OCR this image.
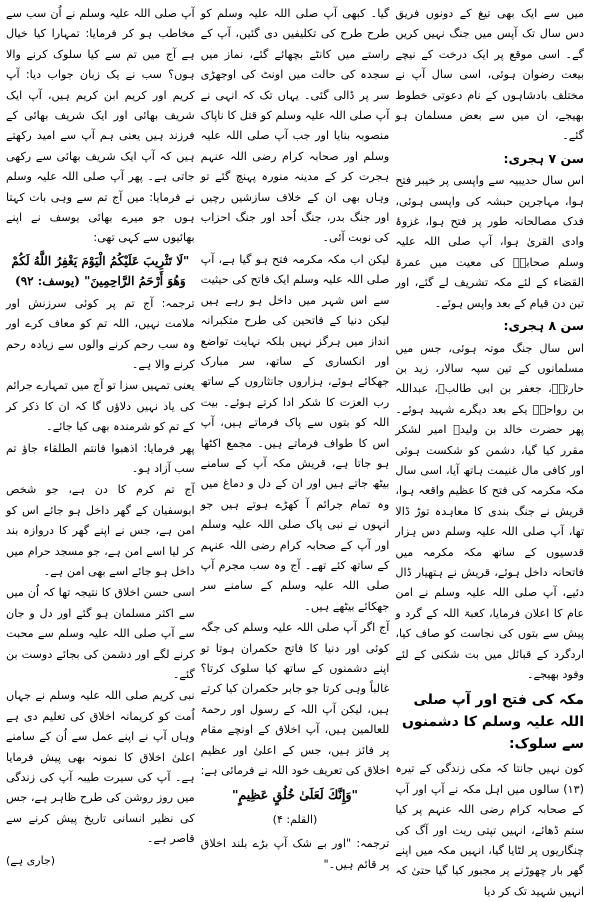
میں سے ایک بھی تیغ کے دونوں فریق دس سال تک آپس میں جنگ نہیں کریں گے۔ اسی موقع پر ایک درخت کے نیچے بیعت رضوان ہوئی، اسی سال آپ نے مختلف بادشاہوں کے نام دعوتی خطوط بھیجے، ان میں سے بعض مسلمان ہو گئے۔

سن ۷ ہجری:

اس سال حدیبیہ سے واپسی پر خیبر فتح ہوا، مہاجرین حبشہ کی واپسی ہوئی، فدک مصالحانہ طور پر فتح ہوا، غزوۂ وادی القریٰ ہوا، آپ صلی اللہ علیہ وسلم صحابہؓ کی معیت میں عمرۃ القضاء کے لئے مکہ تشریف لے گئے، اور تین دن قیام کے بعد واپس ہوئے۔

سن ۸ ہجری:

اس سال جنگ موتہ ہوئی، جس میں مسلمانوں کے تین سپہ سالار، زید بن حارثہؓ، جعفر بن ابی طالبؓ، عبداللہ بن رواحہؓ یکے بعد دیگرے شہید ہوئے۔ پھر حضرت خالد بن ولیدؓ امیر لشکر مقرر کیا گیا، دشمن کو شکست ہوئی اور کافی مال غنیمت ہاتھ آیا، اسی سال مکہ مکرمہ کی فتح کا عظیم واقعہ ہوا، قریش نے جنگ بندی کا معاہدہ توڑ ڈالا تھا، آپ صلی اللہ علیہ وسلم دس ہزار قدسیوں کے ساتھ مکہ مکرمہ میں فاتحانہ داخل ہوئے، قریش نے ہتھیار ڈال دئیے، آپ صلی اللہ علیہ وسلم نے امن عام کا اعلان فرمایا، کعبۃ اللہ کے گرد و پیش سے بتوں کی نجاست کو صاف کیا، اردگرد کے قبائل میں بت شکنی کے لئے وفود بھیجے۔

مکہ کی فتح اور آپ صلی اللہ علیہ وسلم کا دشمنوں سے سلوک:

کون نہیں جانتا کہ مکی زندگی کے تیرہ (۱۳) سالوں میں اہل مکہ نے آپ اور آپ کے صحابہ کرام رضی اللہ عنہم پر کیا ستم ڈھائے، انہیں تپتی ریت اور آگ کی چنگاریوں پر لٹایا گیا، انہیں مکہ میں اپنے گھر بار چھوڑنے پر مجبور کیا گیا حتیٰ کہ انہیں شہید تک کر دیا

گیا۔ کبھی آپ صلی اللہ علیہ وسلم کو طرح طرح کی تکلیفیں دی گئیں، آپ کے راستے میں کانٹے بچھائے گئے، نماز میں سجدہ کی حالت میں اونٹ کی اوجھڑی سر پر ڈالی گئی۔ یہاں تک کہ انہی نے آپ صلی اللہ علیہ وسلم کو قتل کا ناپاک منصوبہ بنایا اور جب آپ صلی اللہ علیہ وسلم اور صحابہ کرام رضی اللہ عنہم ہجرت کر کے مدینہ منورہ پہنچ گئے تو وہاں بھی ان کے خلاف سازشیں رچیں اور جنگ بدر، جنگ اُحد اور جنگ احزاب کی نوبت آئی۔

لیکن اب مکہ مکرمہ فتح ہو گیا ہے، آپ صلی اللہ علیہ وسلم ایک فاتح کی حیثیت سے اس شہر میں داخل ہو رہے ہیں لیکن دنیا کے فاتحین کی طرح متکبرانہ انداز میں ہرگز نہیں بلکہ نہایت تواضع اور انکساری کے ساتھ، سر مبارک جھکائے ہوئے، ہزاروں جانثاروں کے ساتھ رب العزت کا شکر ادا کرتے ہوئے۔ بیت اللہ کو بتوں سے پاک فرماتے ہیں، آپ اس کا طواف فرماتے ہیں۔ مجمع اکٹھا ہو جاتا ہے، قریش مکہ آپ کے سامنے بیٹھ جاتے ہیں اور ان کے دل و دماغ میں وہ تمام جرائم آ کھڑے ہوتے ہیں جو انہوں نے نبی پاک صلی اللہ علیہ وسلم اور آپ کے صحابہ کرام رضی اللہ عنہم کے ساتھ کئے تھے۔ آج وہ سب مجرم آپ صلی اللہ علیہ وسلم کے سامنے سر جھکائے بیٹھے ہیں۔

آج اگر آپ صلی اللہ علیہ وسلم کی جگہ کوئی اور دنیا کا فاتح حکمران ہوتا تو اپنے دشمنوں کے ساتھ کیا سلوک کرتا؟ غالباً وہی کرتا جو جابر حکمران کیا کرتے ہیں، لیکن آپ اللہ کے رسول اور رحمۃ للعالمین ہیں، آپ اخلاق کے اونچے مقام پر فائز ہیں، جس کے اعلیٰ اور عظیم اخلاق کی تعریف خود اللہ نے فرمائی ہے:

"وَإِنَّكَ لَعَلَىٰ خُلُقٍ عَظِيمٍ"
(القلم: ۴)

ترجمہ: "اور بے شک آپ بڑے بلند اخلاق پر قائم ہیں۔"

آپ صلی اللہ علیہ وسلم نے اُن سب سے مخاطب ہو کر فرمایا: تمہارا کیا خیال ہے آج میں تم سے کیا سلوک کرنے والا ہوں؟ سب نے یک زبان جواب دیا: آپ کریم اور کریم ابن کریم ہیں، آپ ایک شریف بھائی اور ایک شریف بھائی کے فرزند ہیں یعنی ہم آپ سے امید رکھتے ہیں کہ آپ ایک شریف بھائی سے رکھی جاتی ہے۔ پھر آپ صلی اللہ علیہ وسلم نے فرمایا: میں آج تم سے وہی بات کہتا ہوں جو میرے بھائی یوسف نے اپنے بھائیوں سے کہی تھی:

"لَا تَثْرِيبَ عَلَيْكُمُ الْيَوْمَ يَغْفِرُ اللَّهُ لَكُمْ وَهُوَ أَرْحَمُ الرَّاحِمِينَ" (یوسف: ۹۲)

ترجمہ: آج تم پر کوئی سرزنش اور ملامت نہیں، اللہ تم کو معاف کرے اور وہ سب رحم کرنے والوں سے زیادہ رحم کرنے والا ہے۔

یعنی تمہیں سزا تو آج میں تمہارے جرائم کی یاد نہیں دلاؤں گا کہ ان کا ذکر کر کے تم کو شرمندہ بھی کیا جائے۔

پھر فرمایا: اذھبوا فانتم الطلقاء جاؤ تم سب آزاد ہو۔

آج تم کرم کا دن ہے، جو شخص ابوسفیان کے گھر داخل ہو جائے اس کو امن ہے، جس نے اپنے گھر کا دروازہ بند کر لیا اسے امن ہے، جو مسجد حرام میں داخل ہو جائے اسے بھی امن ہے۔

اسی حسن اخلاق کا نتیجہ تھا کہ اُن میں سے اکثر مسلمان ہو گئے اور دل و جان سے آپ صلی اللہ علیہ وسلم سے محبت کرنے لگے اور دشمن کی بجائے دوست بن گئے۔

نبی کریم صلی اللہ علیہ وسلم نے جہاں اُمت کو کریمانہ اخلاق کی تعلیم دی ہے وہاں آپ نے اپنے عمل سے اُن کے سامنے اعلیٰ اخلاق کا نمونہ بھی پیش فرمایا ہے۔ آپ کی سیرت طیبہ آپ کی زندگی میں روز روشن کی طرح ظاہر ہے، جس کی نظیر انسانی تاریخ پیش کرنے سے قاصر ہے۔

(جاری ہے)
